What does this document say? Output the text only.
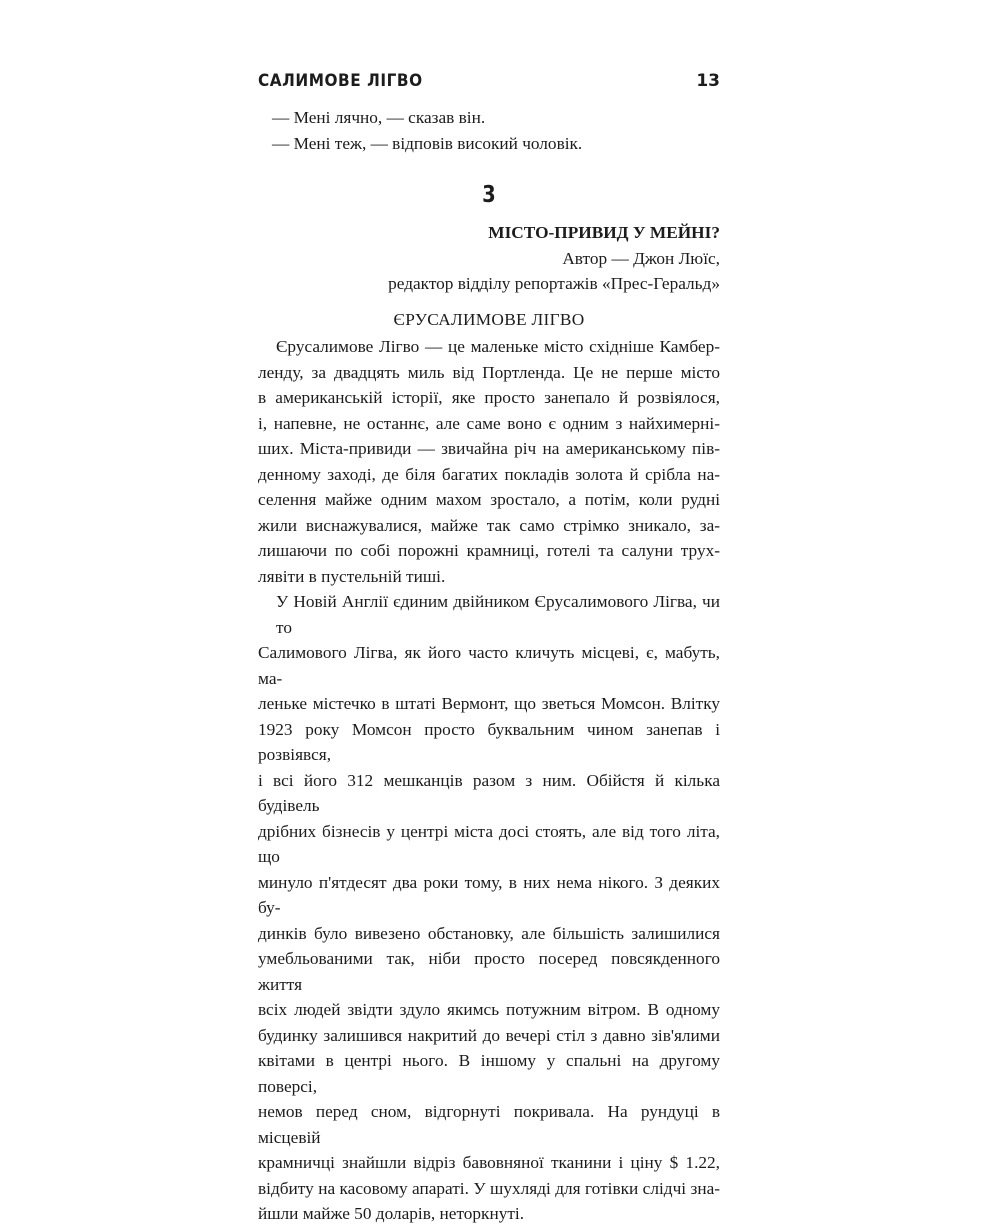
САЛИМОВЕ ЛІГВО	13

— Мені лячно, — сказав він.

— Мені теж, — відповів високий чоловік.

3

МІСТО-ПРИВИД У МЕЙНІ?

Автор — Джон Люїс,

редактор відділу репортажів «Прес-Геральд»

ЄРУСАЛИМОВЕ ЛІГВО

Єрусалимове Лігво — це маленьке місто східніше Камбер-
ленду, за двадцять миль від Портленда. Це не перше місто
в американській історії, яке просто занепало й розвіялося,
і, напевне, не останнє, але саме воно є одним з найхимерні-
ших. Міста-привиди — звичайна річ на американському пів-
денному заході, де біля багатих покладів золота й срібла на-
селення майже одним махом зростало, а потім, коли рудні
жили виснажувалися, майже так само стрімко зникало, за-
лишаючи по собі порожні крамниці, готелі та салуни трух-
лявіти в пустельній тиші.
У Новій Англії єдиним двійником Єрусалимового Лігва, чи то
Салимового Лігва, як його часто кличуть місцеві, є, мабуть, ма-
леньке містечко в штаті Вермонт, що зветься Момсон. Влітку
1923 року Момсон просто буквальним чином занепав і розвіявся,
і всі його 312 мешканців разом з ним. Обійстя й кілька будівель
дрібних бізнесів у центрі міста досі стоять, але від того літа, що
минуло п'ятдесят два роки тому, в них нема нікого. З деяких бу-
динків було вивезено обстановку, але більшість залишилися
умебльованими так, ніби просто посеред повсякденного життя
всіх людей звідти здуло якимсь потужним вітром. В одному
будинку залишився накритий до вечері стіл з давно зів'ялими
квітами в центрі нього. В іншому у спальні на другому поверсі,
немов перед сном, відгорнуті покривала. На рундуці в місцевій
крамничці знайшли відріз бавовняної тканини і ціну $ 1.22,
відбиту на касовому апараті. У шухляді для готівки слідчі зна-
йшли майже 50 доларів, неторкнуті.
